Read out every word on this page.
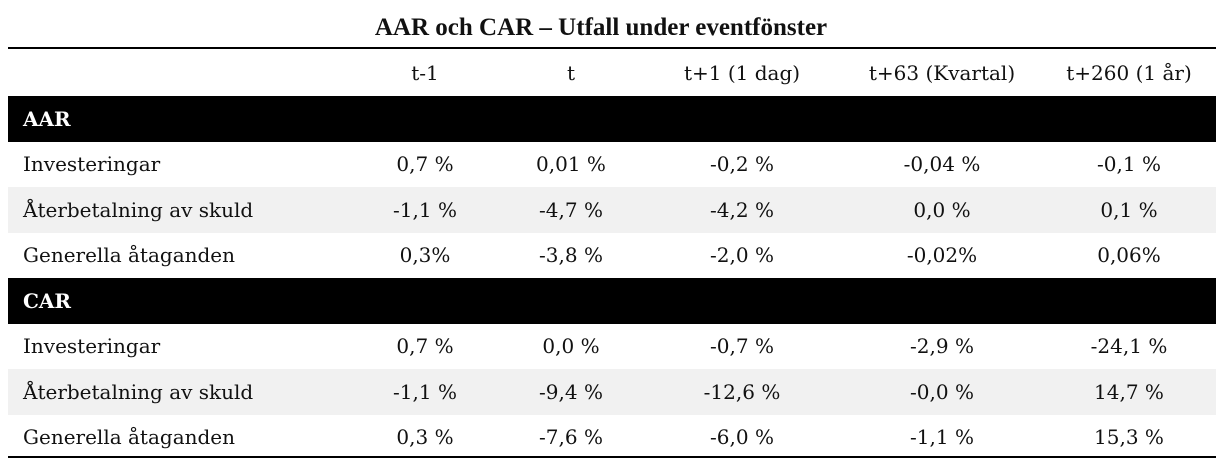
AAR och CAR – Utfall under eventfönster
	t-1	t	t+1 (1 dag)	t+63 (Kvartal)	t+260 (1 år)
AAR					
Investeringar	0,7 %	0,01 %	-0,2 %	-0,04 %	-0,1 %
Återbetalning av skuld	-1,1 %	-4,7 %	-4,2 %	0,0 %	0,1 %
Generella åtaganden	0,3%	-3,8 %	-2,0 %	-0,02%	0,06%
CAR					
Investeringar	0,7 %	0,0 %	-0,7 %	-2,9 %	-24,1 %
Återbetalning av skuld	-1,1 %	-9,4 %	-12,6 %	-0,0 %	14,7 %
Generella åtaganden	0,3 %	-7,6 %	-6,0 %	-1,1 %	15,3 %
